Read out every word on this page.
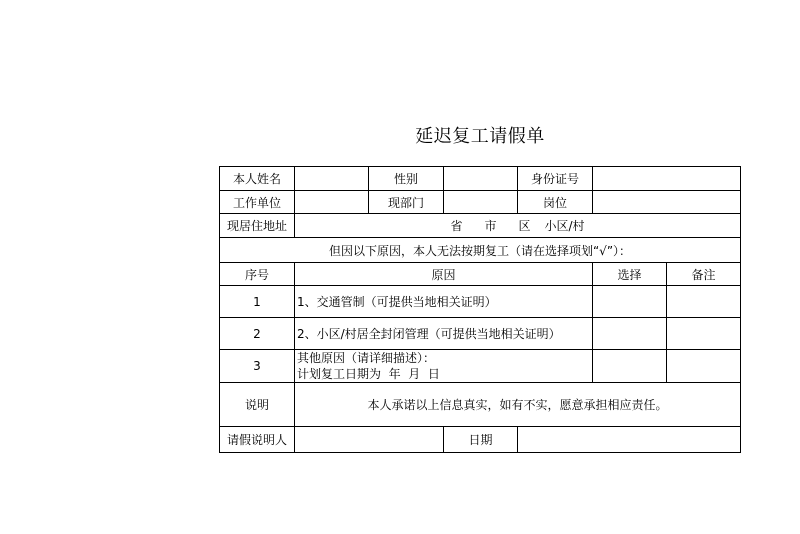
延迟复工请假单
本人姓名		性别		身份证号		
工作单位		现部门		岗位		
现居住地址	省 市 区 小区/村					
但因以下原因，本人无法按期复工（请在选择项划“√”）：						
序号	原因				选择	备注
1	1、交通管制（可提供当地相关证明）					
2	2、小区/村居全封闭管理（可提供当地相关证明）					
3	其他原因（请详细描述）：
计划复工日期为  年  月  日					
说明	本人承诺以上信息真实，如有不实，愿意承担相应责任。					
请假说明人			日期			
